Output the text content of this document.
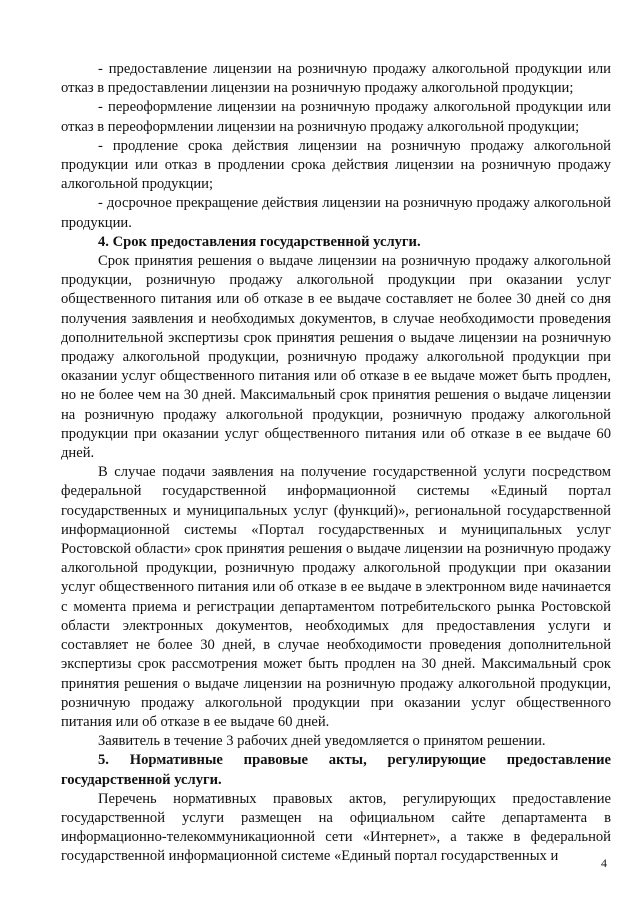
- предоставление лицензии на розничную продажу алкогольной продукции или отказ в предоставлении лицензии на розничную продажу алкогольной продукции;

- переоформление лицензии на розничную продажу алкогольной продукции или отказ в переоформлении лицензии на розничную продажу алкогольной продукции;

- продление срока действия лицензии на розничную продажу алкогольной продукции или отказ в продлении срока действия лицензии на розничную продажу алкогольной продукции;

- досрочное прекращение действия лицензии на розничную продажу алкогольной продукции.

4. Срок предоставления государственной услуги.

Срок принятия решения о выдаче лицензии на розничную продажу алкогольной продукции, розничную продажу алкогольной продукции при оказании услуг общественного питания или об отказе в ее выдаче составляет не более 30 дней со дня получения заявления и необходимых документов, в случае необходимости проведения дополнительной экспертизы срок принятия решения о выдаче лицензии на розничную продажу алкогольной продукции, розничную продажу алкогольной продукции при оказании услуг общественного питания или об отказе в ее выдаче может быть продлен, но не более чем на 30 дней. Максимальный срок принятия решения о выдаче лицензии на розничную продажу алкогольной продукции, розничную продажу алкогольной продукции при оказании услуг общественного питания или об отказе в ее выдаче 60 дней.

В случае подачи заявления на получение государственной услуги посредством федеральной государственной информационной системы «Единый портал государственных и муниципальных услуг (функций)», региональной государственной информационной системы «Портал государственных и муниципальных услуг Ростовской области» срок принятия решения о выдаче лицензии на розничную продажу алкогольной продукции, розничную продажу алкогольной продукции при оказании услуг общественного питания или об отказе в ее выдаче в электронном виде начинается с момента приема и регистрации департаментом потребительского рынка Ростовской области электронных документов, необходимых для предоставления услуги и составляет не более 30 дней, в случае необходимости проведения дополнительной экспертизы срок рассмотрения может быть продлен на 30 дней. Максимальный срок принятия решения о выдаче лицензии на розничную продажу алкогольной продукции, розничную продажу алкогольной продукции при оказании услуг общественного питания или об отказе в ее выдаче 60 дней.

Заявитель в течение 3 рабочих дней уведомляется о принятом решении.

5. Нормативные правовые акты, регулирующие предоставление государственной услуги.

Перечень нормативных правовых актов, регулирующих предоставление государственной услуги размещен на официальном сайте департамента в информационно-телекоммуникационной сети «Интернет», а также в федеральной государственной информационной системе «Единый портал государственных и	4
